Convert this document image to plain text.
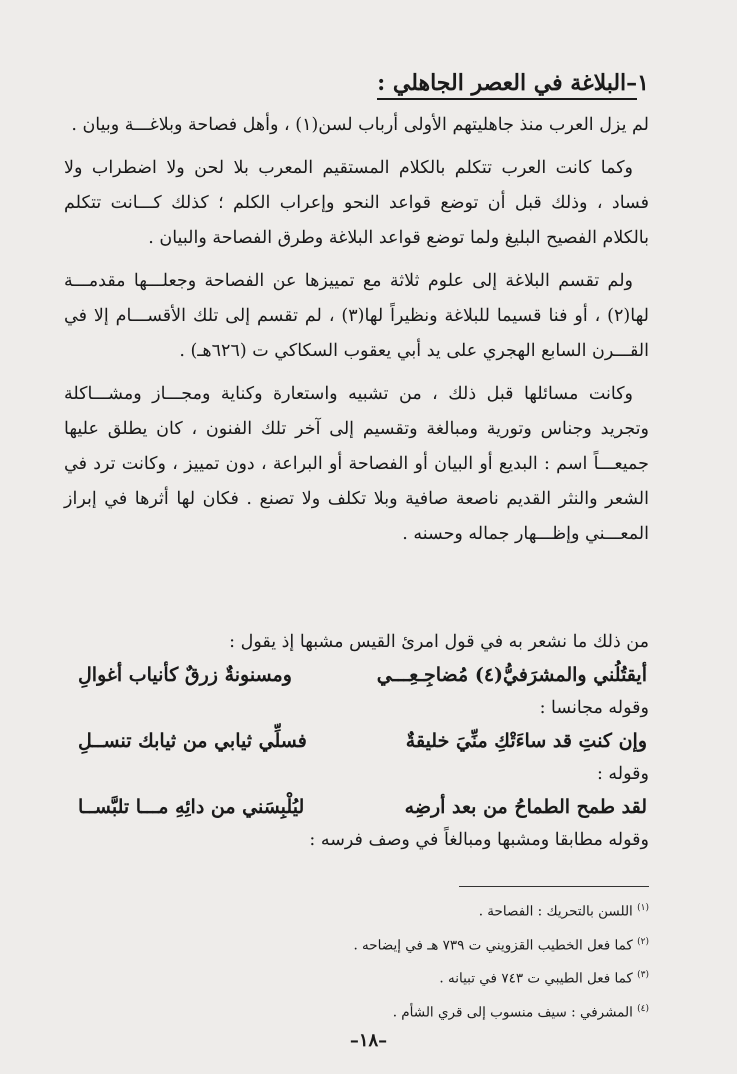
١–البلاغة في العصر الجاهلي :

لم يزل العرب منذ جاهليتهم الأولى أرباب لسن(١) ، وأهل فصاحة وبلاغـــة وبيان .

وكما كانت العرب تتكلم بالكلام المستقيم المعرب بلا لحن ولا اضطراب ولا فساد ، وذلك قبل أن توضع قواعد النحو وإعراب الكلم ؛ كذلك كـــانت تتكلم بالكلام الفصيح البليغ ولما توضع قواعد البلاغة وطرق الفصاحة والبيان .

ولم تقسم البلاغة إلى علوم ثلاثة مع تمييزها عن الفصاحة وجعلـــها مقدمـــة لها(٢) ، أو فنا قسيما للبلاغة ونظيراً لها(٣) ، لم تقسم إلى تلك الأقســـام إلا في القـــرن السابع الهجري على يد أبي يعقوب السكاكي ت (٦٢٦هـ) .

وكانت مسائلها قبل ذلك ، من تشبيه واستعارة وكناية ومجـــاز ومشـــاكلة وتجريد وجناس وتورية ومبالغة وتقسيم إلى آخر تلك الفنون ، كان يطلق عليها جميعـــاً اسم : البديع أو البيان أو الفصاحة أو البراعة ، دون تمييز ، وكانت ترد في الشعر والنثر القديم ناصعة صافية وبلا تكلف ولا تصنع . فكان لها أثرها في إبراز المعـــني وإظـــهار جماله وحسنه .

من ذلك ما نشعر به في قول امرئ القيس مشبها إذ يقول :
أيقتُلُني والمشرَفيُّ(٤) مُضاجِـعِـــي
ومسنونةٌ زرقٌ كأنياب أغوالِ
وقوله مجانسا :
وإن كنتِ قد ساءَتْكِ منِّيَ خليقةٌ
فسلِّي ثيابي من ثيابك تنســلِ
وقوله :
لقد طمح الطماحُ من بعد أرضِه
ليُلْبِسَني من دائِهِ مـــا تلبَّســا
وقوله مطابقا ومشبها ومبالغاً في وصف فرسه :
$^{(١)}$ اللسن بالتحريك : الفصاحة .
$^{(٢)}$ كما فعل الخطيب القزويني ت ٧٣٩ هـ في إيضاحه .
$^{(٣)}$ كما فعل الطيبي ت ٧٤٣ في تبيانه .
$^{(٤)}$ المشرفي : سيف منسوب إلى قري الشأم .
–١٨–
